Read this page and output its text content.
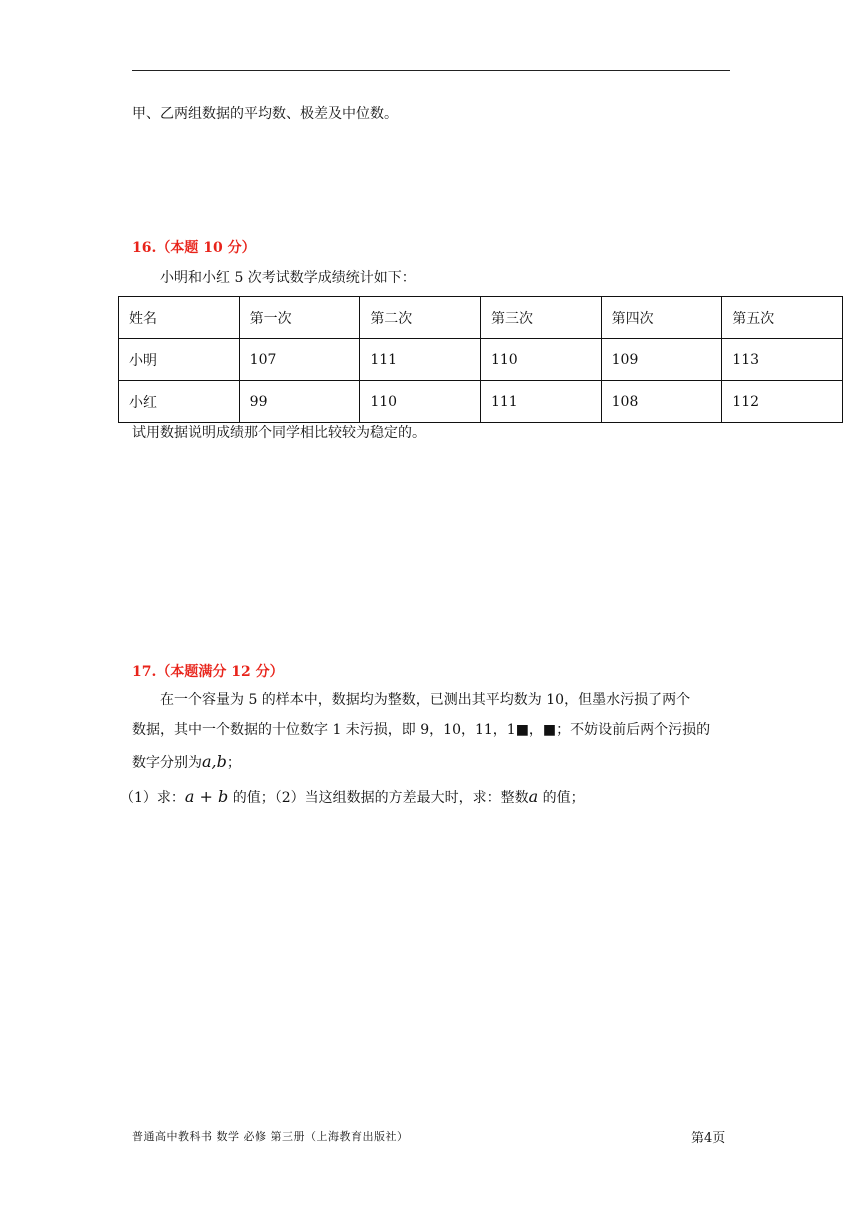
甲、乙两组数据的平均数、极差及中位数。
16.（本题 10 分）
小明和小红 5 次考试数学成绩统计如下：
姓名	第一次	第二次	第三次	第四次	第五次
小明	107	111	110	109	113
小红	99	110	111	108	112
试用数据说明成绩那个同学相比较较为稳定的。
17.（本题满分 12 分）
在一个容量为 5 的样本中，数据均为整数，已测出其平均数为 10，但墨水污损了两个
数据，其中一个数据的十位数字 1 未污损，即 9，10，11，1■，■；不妨设前后两个污损的
数字分别为a,b；
（1）求：a + b 的值；（2）当这组数据的方差最大时，求：整数a 的值；
普通高中教科书 数学 必修 第三册（上海教育出版社）	第4页
